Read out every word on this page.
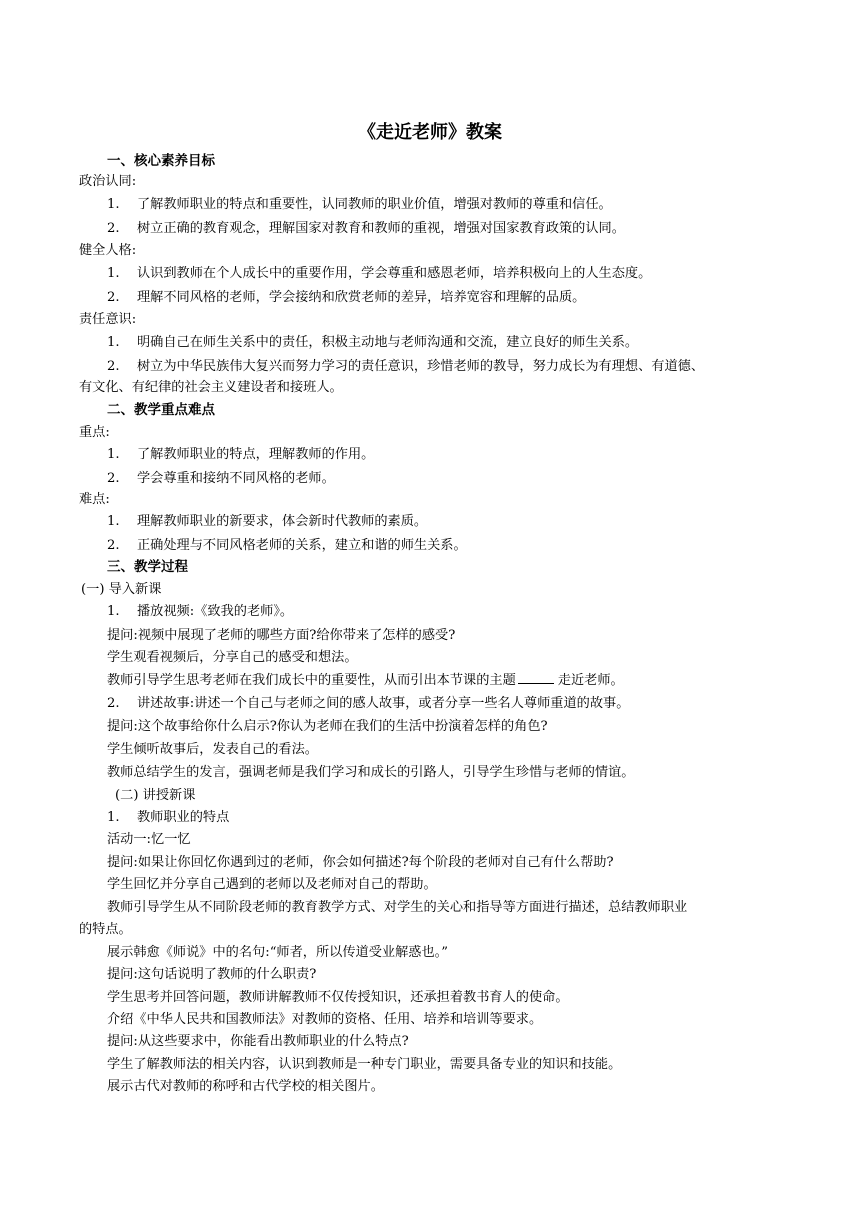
《走近老师》教案
一、核心素养目标
政治认同:
1. 了解教师职业的特点和重要性，认同教师的职业价值，增强对教师的尊重和信任。
2. 树立正确的教育观念，理解国家对教育和教师的重视，增强对国家教育政策的认同。
健全人格:
1. 认识到教师在个人成长中的重要作用，学会尊重和感恩老师，培养积极向上的人生态度。
2. 理解不同风格的老师，学会接纳和欣赏老师的差异，培养宽容和理解的品质。
责任意识:
1. 明确自己在师生关系中的责任，积极主动地与老师沟通和交流，建立良好的师生关系。
2. 树立为中华民族伟大复兴而努力学习的责任意识，珍惜老师的教导，努力成长为有理想、有道德、
有文化、有纪律的社会主义建设者和接班人。
二、教学重点难点
重点:
1. 了解教师职业的特点，理解教师的作用。
2. 学会尊重和接纳不同风格的老师。
难点:
1. 理解教师职业的新要求，体会新时代教师的素质。
2. 正确处理与不同风格老师的关系，建立和谐的师生关系。
三、教学过程
(一) 导入新课
1. 播放视频:《致我的老师》。
提问:视频中展现了老师的哪些方面?给你带来了怎样的感受?
学生观看视频后，分享自己的感受和想法。
教师引导学生思考老师在我们成长中的重要性，从而引出本节课的主题	走近老师。
2. 讲述故事:讲述一个自己与老师之间的感人故事，或者分享一些名人尊师重道的故事。
提问:这个故事给你什么启示?你认为老师在我们的生活中扮演着怎样的角色?
学生倾听故事后，发表自己的看法。
教师总结学生的发言，强调老师是我们学习和成长的引路人，引导学生珍惜与老师的情谊。
(二) 讲授新课
1. 教师职业的特点
活动一:忆一忆
提问:如果让你回忆你遇到过的老师，你会如何描述?每个阶段的老师对自己有什么帮助?
学生回忆并分享自己遇到的老师以及老师对自己的帮助。
教师引导学生从不同阶段老师的教育教学方式、对学生的关心和指导等方面进行描述，总结教师职业
的特点。
展示韩愈《师说》中的名句:“师者，所以传道受业解惑也。”
提问:这句话说明了教师的什么职责?
学生思考并回答问题，教师讲解教师不仅传授知识，还承担着教书育人的使命。
介绍《中华人民共和国教师法》对教师的资格、任用、培养和培训等要求。
提问:从这些要求中，你能看出教师职业的什么特点?
学生了解教师法的相关内容，认识到教师是一种专门职业，需要具备专业的知识和技能。
展示古代对教师的称呼和古代学校的相关图片。
